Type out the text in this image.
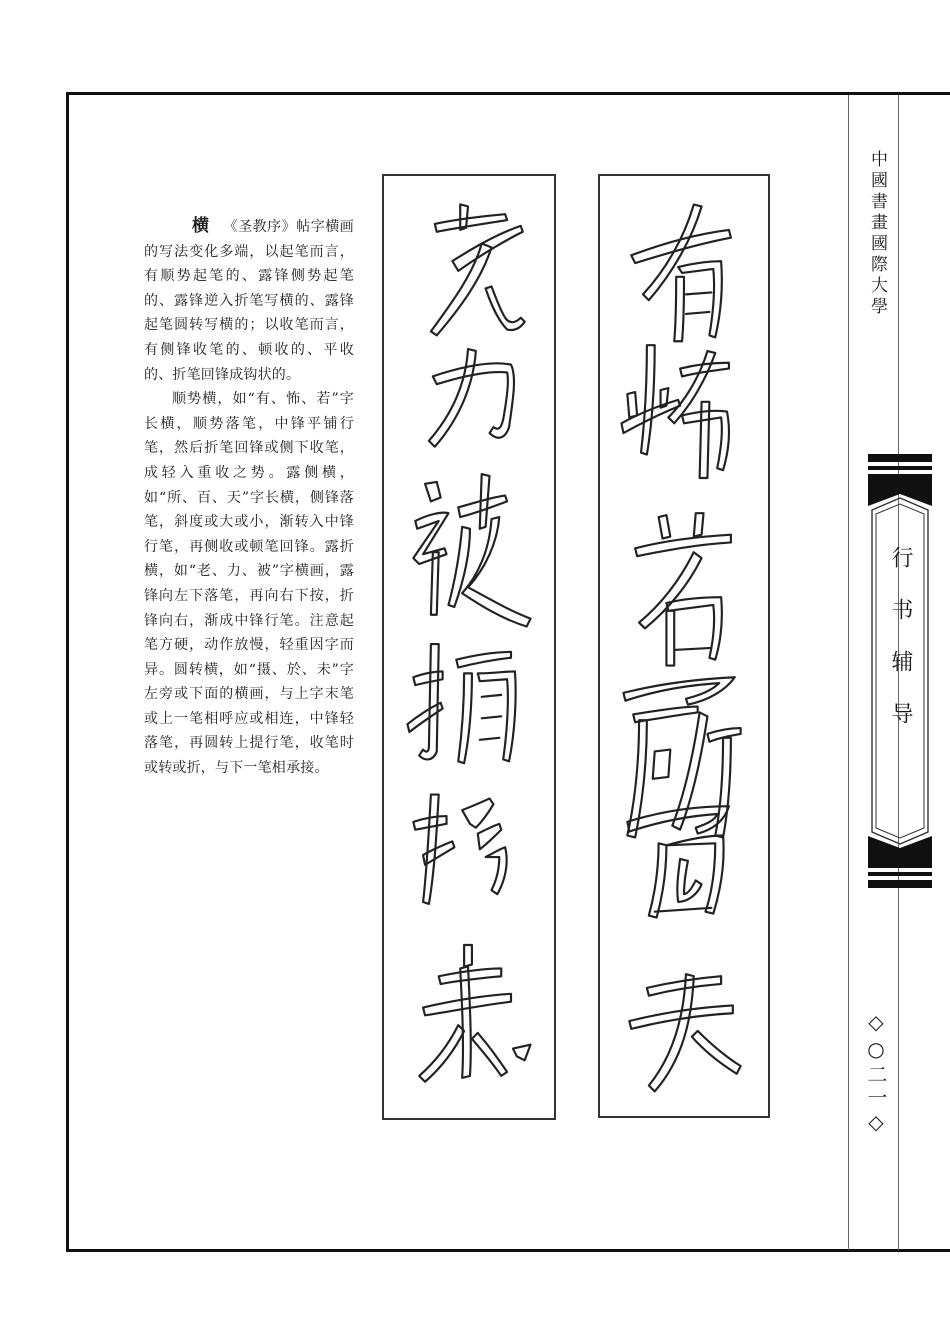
横 《圣教序》帖字横画的写法变化多端，以起笔而言，有顺势起笔的、露锋侧势起笔的、露锋逆入折笔写横的、露锋起笔圆转写横的；以收笔而言，有侧锋收笔的、顿收的、平收的、折笔回锋成钩状的。

顺势横，如“有、怖、若”字长横，顺势落笔，中锋平铺行笔，然后折笔回锋或侧下收笔，成轻入重收之势。露侧横，如“所、百、天”字长横，侧锋落笔，斜度或大或小，渐转入中锋行笔，再侧收或顿笔回锋。露折横，如“老、力、被”字横画，露锋向左下落笔，再向右下按，折锋向右，渐成中锋行笔。注意起笔方硬，动作放慢，轻重因字而异。圆转横，如“摄、於、未”字左旁或下面的横画，与上字末笔或上一笔相呼应或相连，中锋轻落笔，再圆转上提行笔，收笔时或转或折，与下一笔相承接。

中國書畫國際大學
行书辅导
◇○二一◇
